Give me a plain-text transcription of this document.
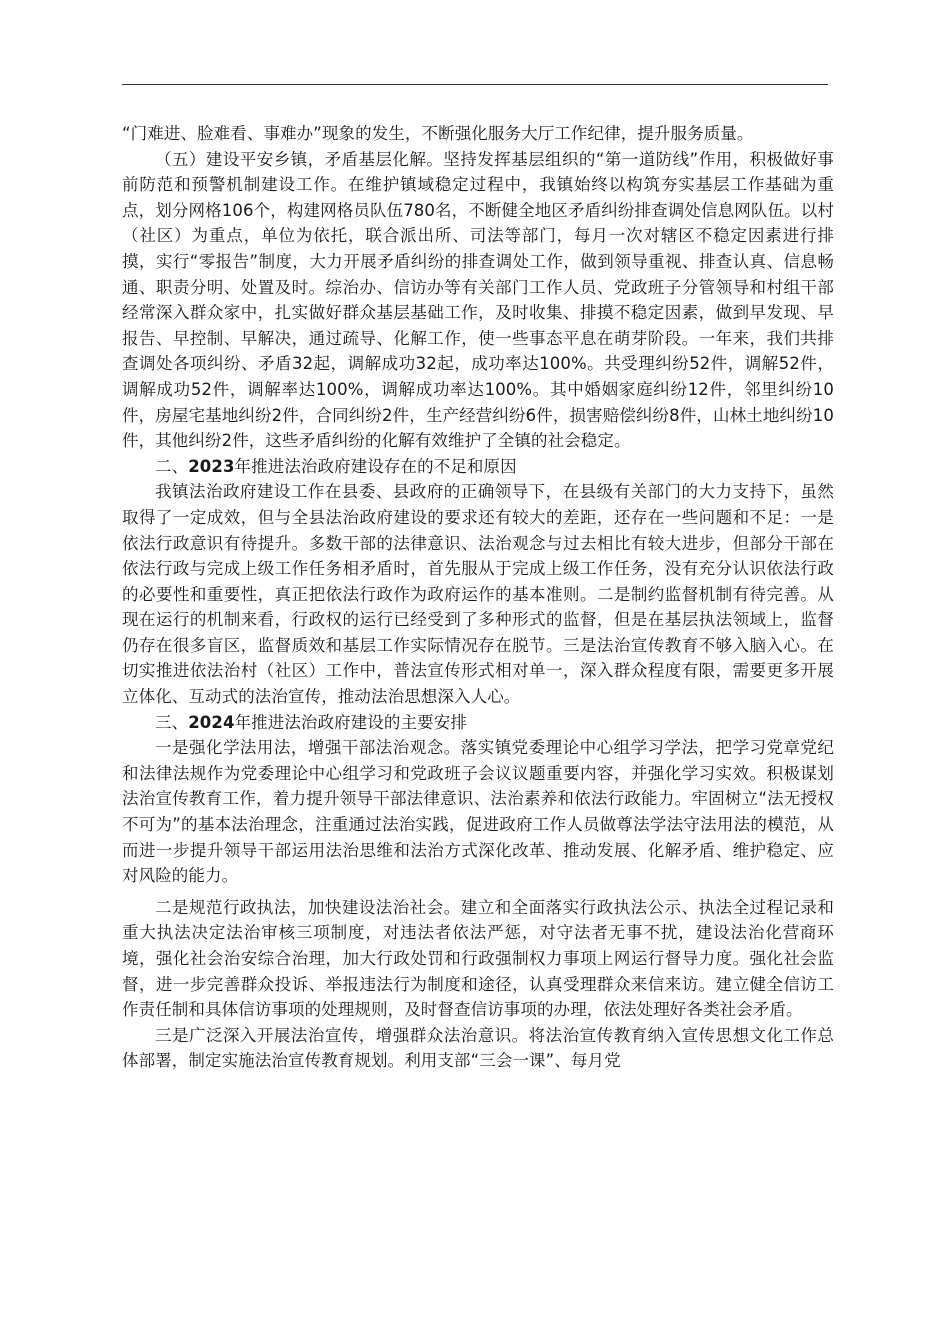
“门难进、脸难看、事难办”现象的发生，不断强化服务大厅工作纪律，提升服务质量。

（五）建设平安乡镇，矛盾基层化解。坚持发挥基层组织的“第一道防线”作用，积极做好事前防范和预警机制建设工作。在维护镇域稳定过程中，我镇始终以构筑夯实基层工作基础为重点，划分网格106个，构建网格员队伍780名，不断健全地区矛盾纠纷排查调处信息网队伍。以村（社区）为重点，单位为依托，联合派出所、司法等部门，每月一次对辖区不稳定因素进行排摸，实行“零报告”制度，大力开展矛盾纠纷的排查调处工作，做到领导重视、排查认真、信息畅通、职责分明、处置及时。综治办、信访办等有关部门工作人员、党政班子分管领导和村组干部经常深入群众家中，扎实做好群众基层基础工作，及时收集、排摸不稳定因素，做到早发现、早报告、早控制、早解决，通过疏导、化解工作，使一些事态平息在萌芽阶段。一年来，我们共排查调处各项纠纷、矛盾32起，调解成功32起，成功率达100%。共受理纠纷52件，调解52件，调解成功52件，调解率达100%，调解成功率达100%。其中婚姻家庭纠纷12件，邻里纠纷10件，房屋宅基地纠纷2件，合同纠纷2件，生产经营纠纷6件，损害赔偿纠纷8件，山林土地纠纷10件，其他纠纷2件，这些矛盾纠纷的化解有效维护了全镇的社会稳定。

二、2023年推进法治政府建设存在的不足和原因

我镇法治政府建设工作在县委、县政府的正确领导下，在县级有关部门的大力支持下，虽然取得了一定成效，但与全县法治政府建设的要求还有较大的差距，还存在一些问题和不足：一是依法行政意识有待提升。多数干部的法律意识、法治观念与过去相比有较大进步，但部分干部在依法行政与完成上级工作任务相矛盾时，首先服从于完成上级工作任务，没有充分认识依法行政的必要性和重要性，真正把依法行政作为政府运作的基本准则。二是制约监督机制有待完善。从现在运行的机制来看，行政权的运行已经受到了多种形式的监督，但是在基层执法领域上，监督仍存在很多盲区，监督质效和基层工作实际情况存在脱节。三是法治宣传教育不够入脑入心。在切实推进依法治村（社区）工作中，普法宣传形式相对单一，深入群众程度有限，需要更多开展立体化、互动式的法治宣传，推动法治思想深入人心。

三、2024年推进法治政府建设的主要安排

一是强化学法用法，增强干部法治观念。落实镇党委理论中心组学习学法，把学习党章党纪和法律法规作为党委理论中心组学习和党政班子会议议题重要内容，并强化学习实效。积极谋划法治宣传教育工作，着力提升领导干部法律意识、法治素养和依法行政能力。牢固树立“法无授权不可为”的基本法治理念，注重通过法治实践，促进政府工作人员做尊法学法守法用法的模范，从而进一步提升领导干部运用法治思维和法治方式深化改革、推动发展、化解矛盾、维护稳定、应对风险的能力。

二是规范行政执法，加快建设法治社会。建立和全面落实行政执法公示、执法全过程记录和重大执法决定法治审核三项制度，对违法者依法严惩，对守法者无事不扰，建设法治化营商环境，强化社会治安综合治理，加大行政处罚和行政强制权力事项上网运行督导力度。强化社会监督，进一步完善群众投诉、举报违法行为制度和途径，认真受理群众来信来访。建立健全信访工作责任制和具体信访事项的处理规则，及时督查信访事项的办理，依法处理好各类社会矛盾。

三是广泛深入开展法治宣传，增强群众法治意识。将法治宣传教育纳入宣传思想文化工作总体部署，制定实施法治宣传教育规划。利用支部“三会一课”、每月党
